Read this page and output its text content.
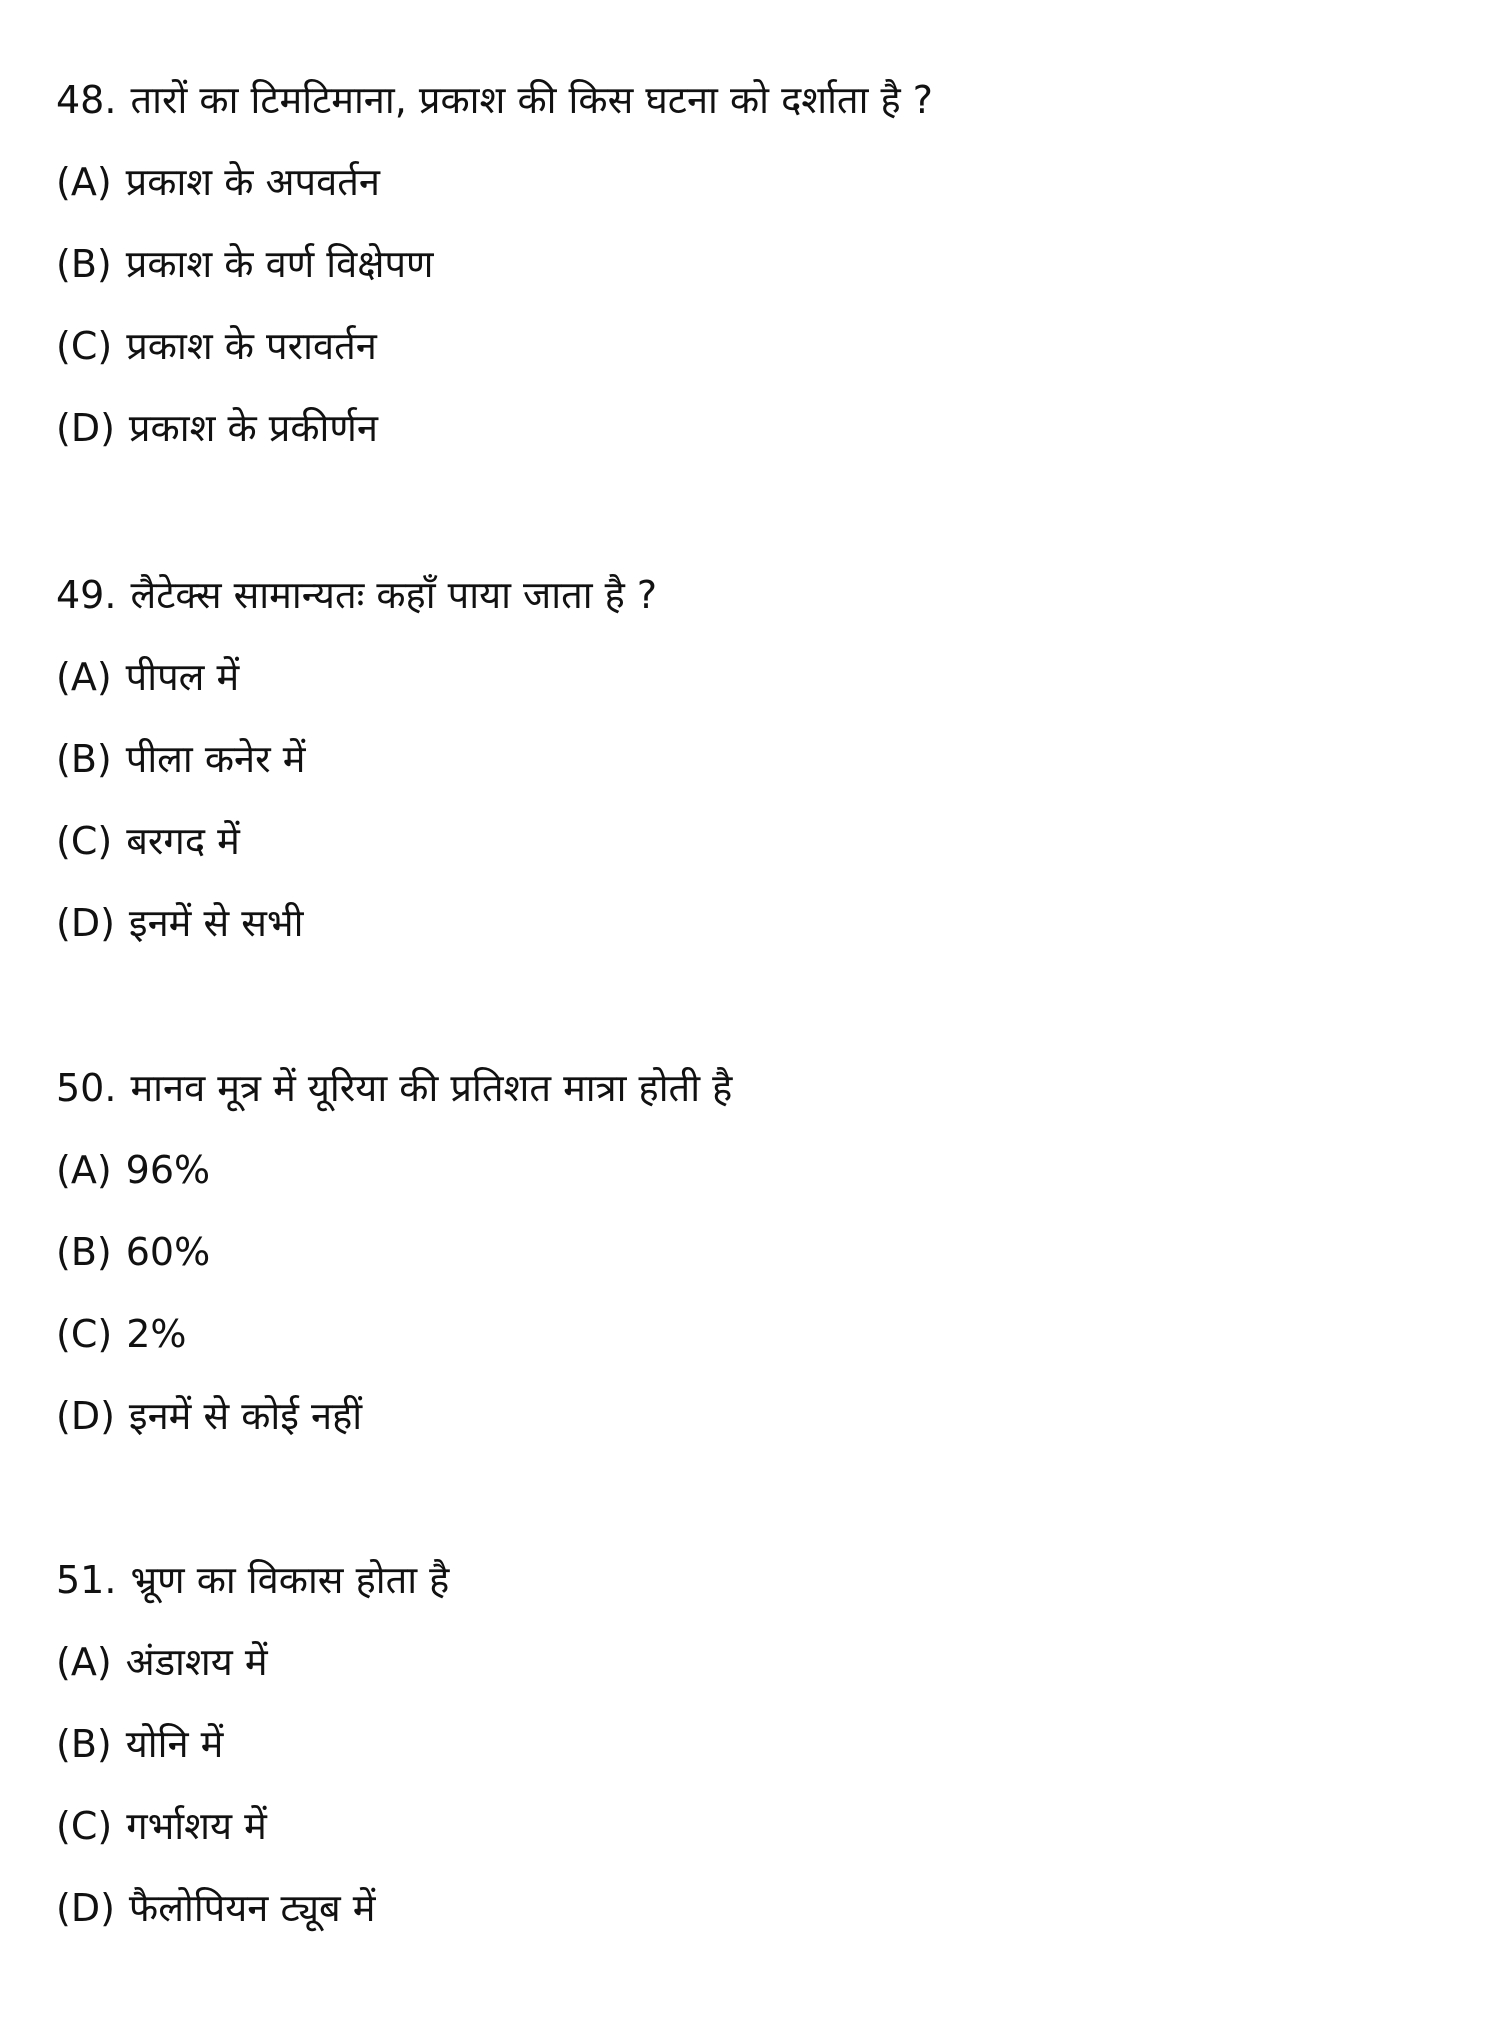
48. तारों का टिमटिमाना, प्रकाश की किस घटना को दर्शाता है ?
(A) प्रकाश के अपवर्तन
(B) प्रकाश के वर्ण विक्षेपण
(C) प्रकाश के परावर्तन
(D) प्रकाश के प्रकीर्णन
49. लैटेक्स सामान्यतः कहाँ पाया जाता है ?
(A) पीपल में
(B) पीला कनेर में
(C) बरगद में
(D) इनमें से सभी
50. मानव मूत्र में यूरिया की प्रतिशत मात्रा होती है
(A) 96%
(B) 60%
(C) 2%
(D) इनमें से कोई नहीं
51. भ्रूण का विकास होता है
(A) अंडाशय में
(B) योनि में
(C) गर्भाशय में
(D) फैलोपियन ट्यूब में
